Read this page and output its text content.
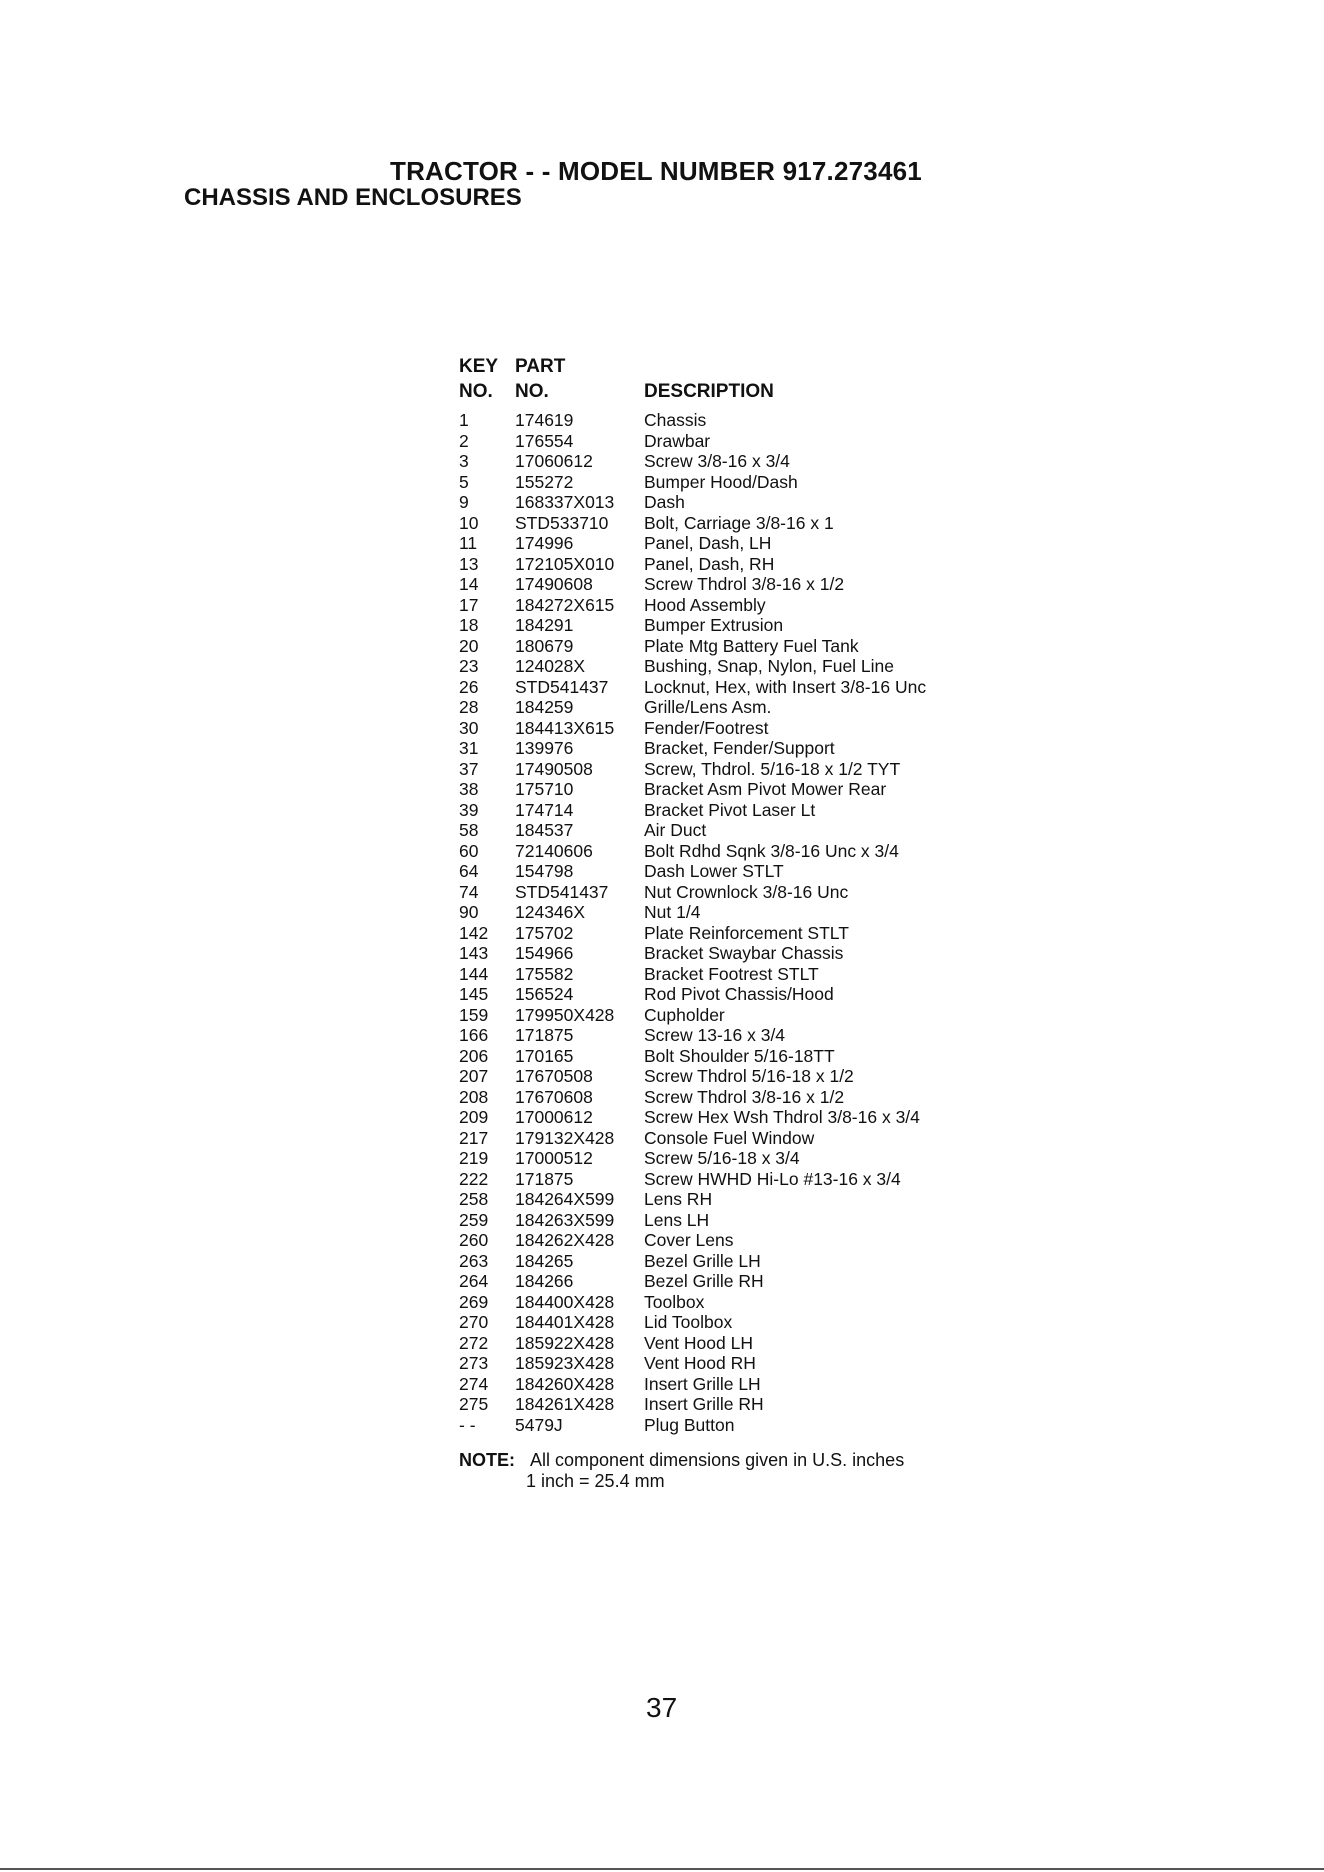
TRACTOR - - MODEL NUMBER 917.273461
CHASSIS AND ENCLOSURES
KEY PART
NO. NO.	DESCRIPTION
1	174619	Chassis
2	176554	Drawbar
3	17060612	Screw 3/8-16 x 3/4
5	155272	Bumper Hood/Dash
9	168337X013	Dash
10	STD533710	Bolt, Carriage 3/8-16 x 1
11	174996	Panel, Dash, LH
13	172105X010	Panel, Dash, RH
14	17490608	Screw Thdrol 3/8-16 x 1/2
17	184272X615	Hood Assembly
18	184291	Bumper Extrusion
20	180679	Plate Mtg Battery Fuel Tank
23	124028X	Bushing, Snap, Nylon, Fuel Line
26	STD541437	Locknut, Hex, with Insert 3/8-16 Unc
28	184259	Grille/Lens Asm.
30	184413X615	Fender/Footrest
31	139976	Bracket, Fender/Support
37	17490508	Screw, Thdrol. 5/16-18 x 1/2 TYT
38	175710	Bracket Asm Pivot Mower Rear
39	174714	Bracket Pivot Laser Lt
58	184537	Air Duct
60	72140606	Bolt Rdhd Sqnk 3/8-16 Unc x 3/4
64	154798	Dash Lower STLT
74	STD541437	Nut Crownlock 3/8-16 Unc
90	124346X	Nut 1/4
142	175702	Plate Reinforcement STLT
143	154966	Bracket Swaybar Chassis
144	175582	Bracket Footrest STLT
145	156524	Rod Pivot Chassis/Hood
159	179950X428	Cupholder
166	171875	Screw 13-16 x 3/4
206	170165	Bolt Shoulder 5/16-18TT
207	17670508	Screw Thdrol 5/16-18 x 1/2
208	17670608	Screw Thdrol 3/8-16 x 1/2
209	17000612	Screw Hex Wsh Thdrol 3/8-16 x 3/4
217	179132X428	Console Fuel Window
219	17000512	Screw 5/16-18 x 3/4
222	171875	Screw HWHD Hi-Lo #13-16 x 3/4
258	184264X599	Lens RH
259	184263X599	Lens LH
260	184262X428	Cover Lens
263	184265	Bezel Grille LH
264	184266	Bezel Grille RH
269	184400X428	Toolbox
270	184401X428	Lid Toolbox
272	185922X428	Vent Hood LH
273	185923X428	Vent Hood RH
274	184260X428	Insert Grille LH
275	184261X428	Insert Grille RH
- -	5479J	Plug Button
NOTE: All component dimensions given in U.S. inches
1 inch = 25.4 mm
37
